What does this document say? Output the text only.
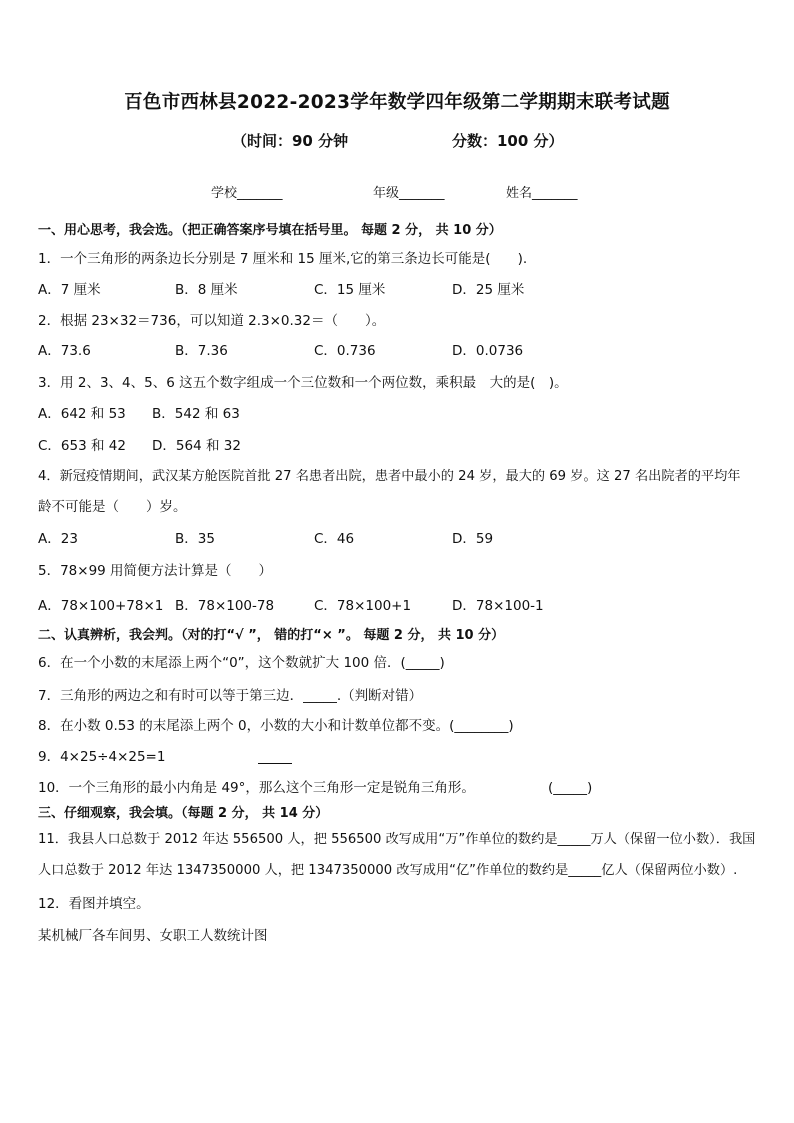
百色市西林县2022-2023学年数学四年级第二学期期末联考试题
（时间：90 分钟	分数：100 分）
学校_______	年级_______	姓名_______
一、用心思考，我会选。（把正确答案序号填在括号里。 每题 2 分， 共 10 分）
1．一个三角形的两条边长分别是 7 厘米和 15 厘米,它的第三条边长可能是(　　).
A．7 厘米	B．8 厘米	C．15 厘米	D．25 厘米
2．根据 23×32＝736，可以知道 2.3×0.32＝（　　）。
A．73.6	B．7.36	C．0.736	D．0.0736
3．用 2、3、4、5、6 这五个数字组成一个三位数和一个两位数，乘积最　大的是(　)。
A．642 和 53 B．542 和 63
C．653 和 42 D．564 和 32
4．新冠疫情期间，武汉某方舱医院首批 27 名患者出院，患者中最小的 24 岁，最大的 69 岁。这 27 名出院者的平均年
龄不可能是（　　）岁。
A．23	B．35	C．46	D．59
5．78×99 用简便方法计算是（　　）
A．78×100+78×1 B．78×100-78	C．78×100+1	D．78×100-1
二、认真辨析，我会判。（对的打“√ ”， 错的打“× ”。 每题 2 分， 共 10 分）
6．在一个小数的末尾添上两个“0”，这个数就扩大 100 倍．(_____)
7．三角形的两边之和有时可以等于第三边．_____.（判断对错）
8．在小数 0.53 的末尾添上两个 0，小数的大小和计数单位都不变。(________)
9．4×25÷4×25=1
10．一个三角形的最小内角是 49°，那么这个三角形一定是锐角三角形。	(_____)
三、仔细观察，我会填。（每题 2 分， 共 14 分）
11．我县人口总数于 2012 年达 556500 人，把 556500 改写成用“万”作单位的数约是_____万人（保留一位小数）．我国
人口总数于 2012 年达 1347350000 人，把 1347350000 改写成用“亿”作单位的数约是_____亿人（保留两位小数）.
12．看图并填空。
某机械厂各车间男、女职工人数统计图
